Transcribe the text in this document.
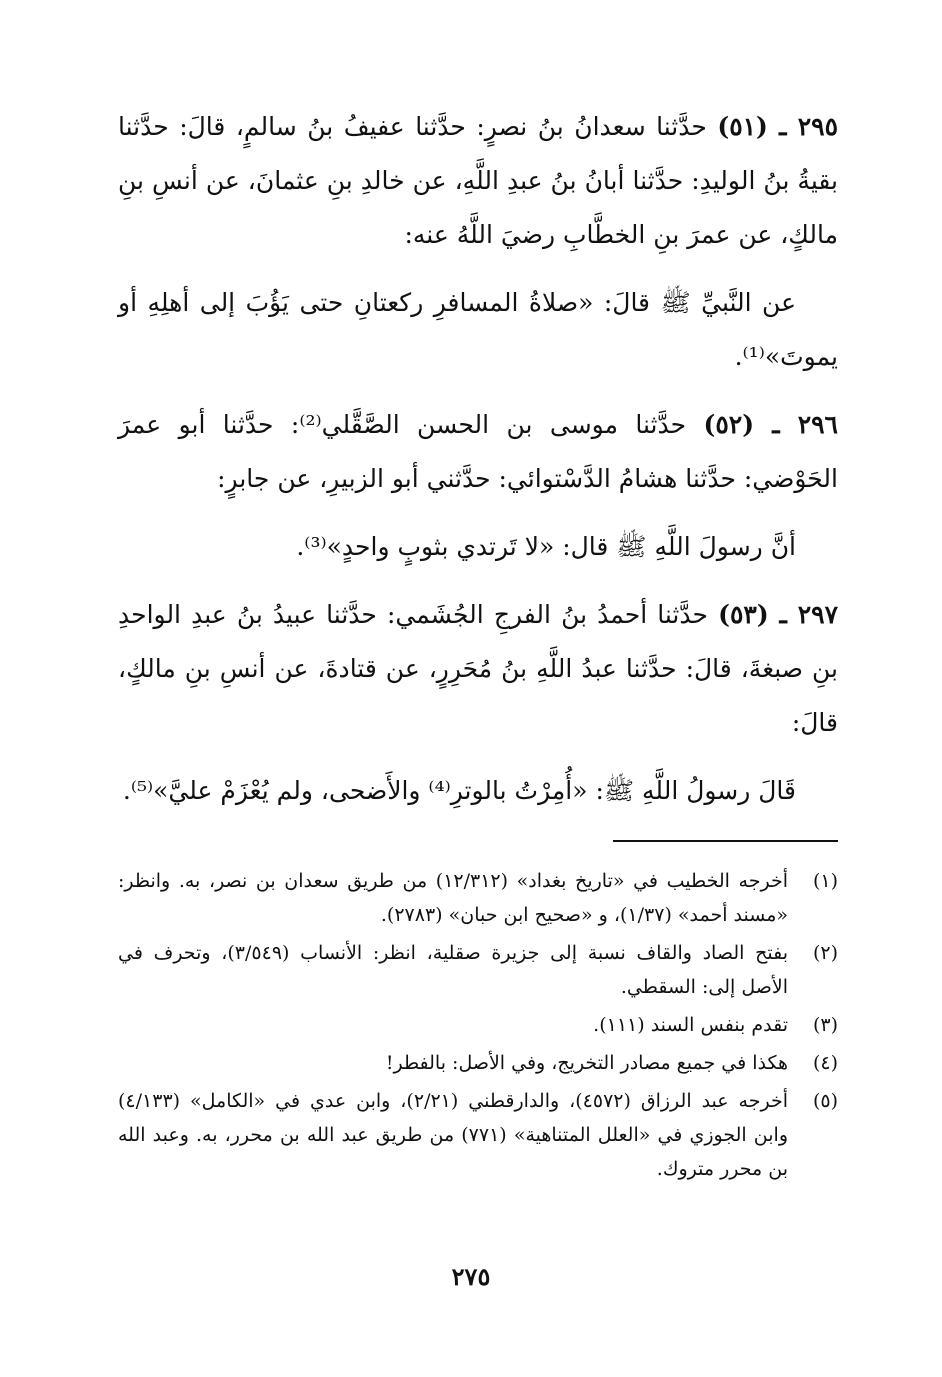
٢٩٥ ـ (٥١) حدَّثنا سعدانُ بنُ نصرٍ: حدَّثنا عفيفُ بنُ سالمٍ، قالَ: حدَّثنا بقيةُ بنُ الوليدِ: حدَّثنا أبانُ بنُ عبدِ اللَّهِ، عن خالدِ بنِ عثمانَ، عن أنسِ بنِ مالكٍ، عن عمرَ بنِ الخطَّابِ رضيَ اللَّهُ عنه:

عن النَّبيِّ ﷺ قالَ: «صلاةُ المسافرِ ركعتانِ حتى يَؤُبَ إلى أهلِهِ أو يموتَ»⁽¹⁾.

٢٩٦ ـ (٥٢) حدَّثنا موسى بن الحسن الصَّقَّلي⁽²⁾: حدَّثنا أبو عمرَ الحَوْضي: حدَّثنا هشامُ الدَّسْتوائي: حدَّثني أبو الزبيرِ، عن جابرٍ:

أنَّ رسولَ اللَّهِ ﷺ قال: «لا تَرتدي بثوبٍ واحدٍ»⁽³⁾.

٢٩٧ ـ (٥٣) حدَّثنا أحمدُ بنُ الفرجِ الجُشَمي: حدَّثنا عبيدُ بنُ عبدِ الواحدِ بنِ صبغةَ، قالَ: حدَّثنا عبدُ اللَّهِ بنُ مُحَرِرٍ، عن قتادةَ، عن أنسِ بنِ مالكٍ، قالَ:

قَالَ رسولُ اللَّهِ ﷺ: «أُمِرْتُ بالوترِ⁽⁴⁾ والأَضحى، ولم يُعْزَمْ عليَّ»⁽⁵⁾.

(١)
أخرجه الخطيب في «تاريخ بغداد» (١٢/٣١٢) من طريق سعدان بن نصر، به. وانظر: «مسند أحمد» (١/٣٧)، و «صحيح ابن حبان» (٢٧٨٣).
(٢)
بفتح الصاد والقاف نسبة إلى جزيرة صقلية، انظر: الأنساب (٣/٥٤٩)، وتحرف في الأصل إلى: السقطي.
(٣)
تقدم بنفس السند (١١١).
(٤)
هكذا في جميع مصادر التخريج، وفي الأصل: بالفطر!
(٥)
أخرجه عبد الرزاق (٤٥٧٢)، والدارقطني (٢/٢١)، وابن عدي في «الكامل» (٤/١٣٣) وابن الجوزي في «العلل المتناهية» (٧٧١) من طريق عبد الله بن محرر، به. وعبد الله بن محرر متروك.
٢٧٥
